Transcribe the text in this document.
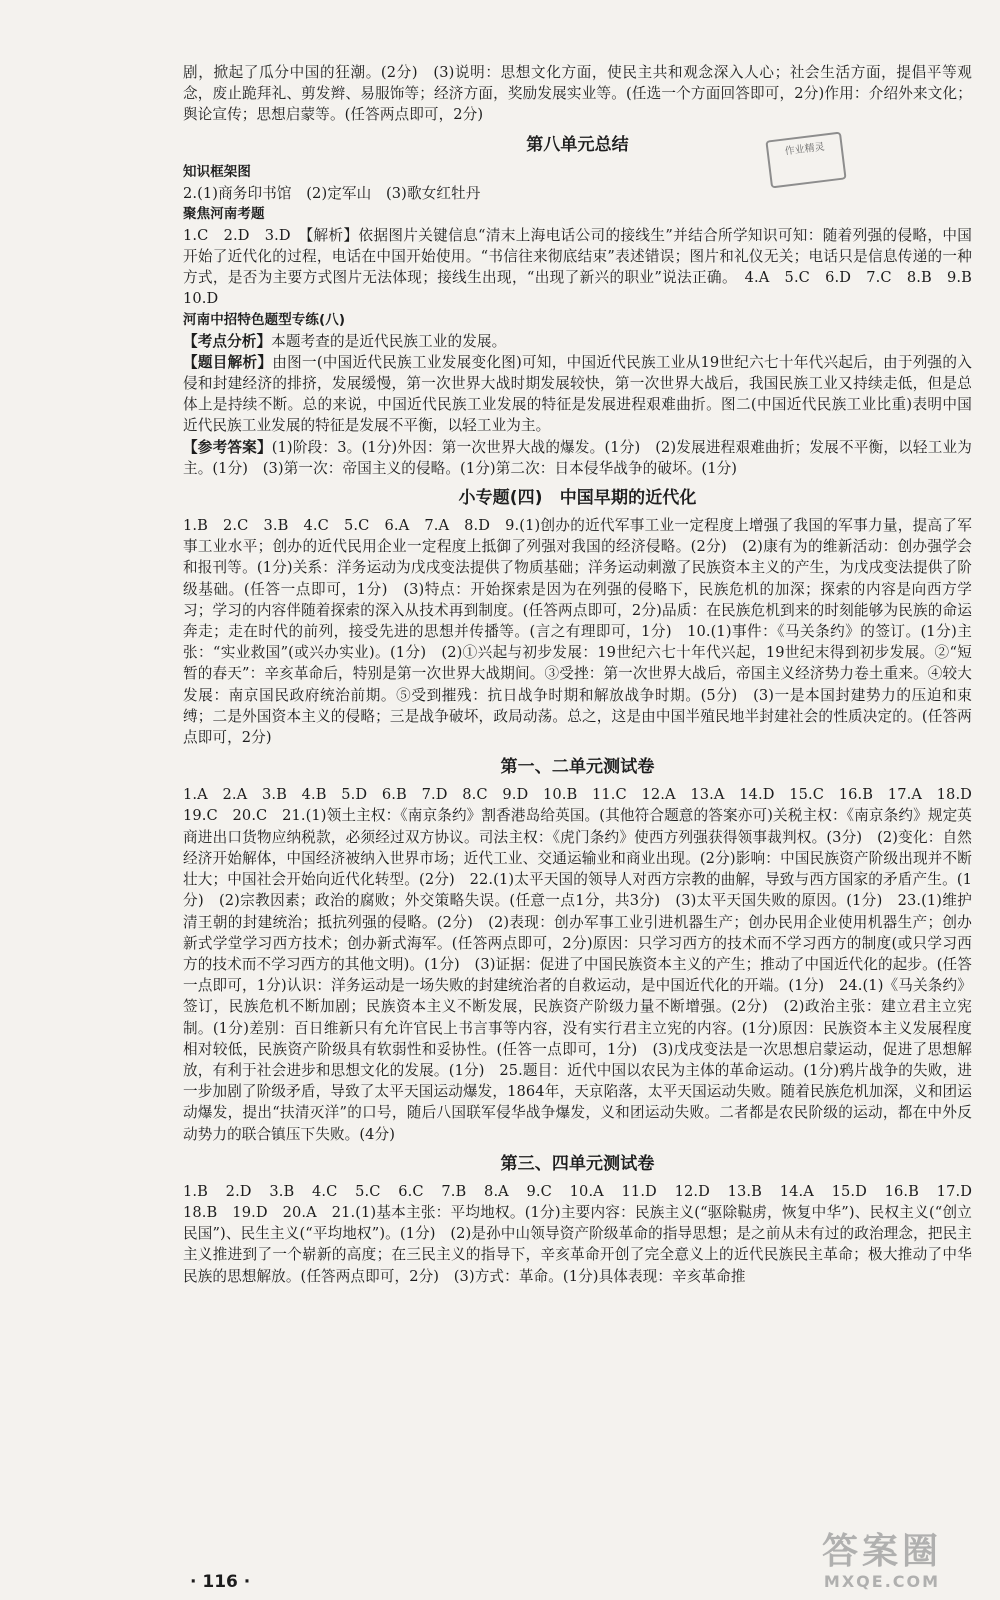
剧，掀起了瓜分中国的狂潮。(2分)　(3)说明：思想文化方面，使民主共和观念深入人心；社会生活方面，提倡平等观念，废止跪拜礼、剪发辫、易服饰等；经济方面，奖励发展实业等。(任选一个方面回答即可，2分)作用：介绍外来文化；舆论宣传；思想启蒙等。(任答两点即可，2分)

第八单元总结
知识框架图

2.(1)商务印书馆　(2)定军山　(3)歌女红牡丹

聚焦河南考题

1.C　2.D　3.D　【解析】依据图片关键信息“清末上海电话公司的接线生”并结合所学知识可知：随着列强的侵略，中国开始了近代化的过程，电话在中国开始使用。“书信往来彻底结束”表述错误；图片和礼仪无关；电话只是信息传递的一种方式，是否为主要方式图片无法体现；接线生出现，“出现了新兴的职业”说法正确。　4.A　5.C　6.D　7.C　8.B　9.B　10.D

河南中招特色题型专练(八)

【考点分析】本题考查的是近代民族工业的发展。

【题目解析】由图一(中国近代民族工业发展变化图)可知，中国近代民族工业从19世纪六七十年代兴起后，由于列强的入侵和封建经济的排挤，发展缓慢，第一次世界大战时期发展较快，第一次世界大战后，我国民族工业又持续走低，但是总体上是持续不断。总的来说，中国近代民族工业发展的特征是发展进程艰难曲折。图二(中国近代民族工业比重)表明中国近代民族工业发展的特征是发展不平衡，以轻工业为主。

【参考答案】(1)阶段：3。(1分)外因：第一次世界大战的爆发。(1分)　(2)发展进程艰难曲折；发展不平衡，以轻工业为主。(1分)　(3)第一次：帝国主义的侵略。(1分)第二次：日本侵华战争的破坏。(1分)

小专题(四)　中国早期的近代化

1.B　2.C　3.B　4.C　5.C　6.A　7.A　8.D　9.(1)创办的近代军事工业一定程度上增强了我国的军事力量，提高了军事工业水平；创办的近代民用企业一定程度上抵御了列强对我国的经济侵略。(2分)　(2)康有为的维新活动：创办强学会和报刊等。(1分)关系：洋务运动为戊戌变法提供了物质基础；洋务运动刺激了民族资本主义的产生，为戊戌变法提供了阶级基础。(任答一点即可，1分)　(3)特点：开始探索是因为在列强的侵略下，民族危机的加深；探索的内容是向西方学习；学习的内容伴随着探索的深入从技术再到制度。(任答两点即可，2分)品质：在民族危机到来的时刻能够为民族的命运奔走；走在时代的前列，接受先进的思想并传播等。(言之有理即可，1分)　10.(1)事件：《马关条约》的签订。(1分)主张：“实业救国”(或兴办实业)。(1分)　(2)①兴起与初步发展：19世纪六七十年代兴起，19世纪末得到初步发展。②“短暂的春天”：辛亥革命后，特别是第一次世界大战期间。③受挫：第一次世界大战后，帝国主义经济势力卷土重来。④较大发展：南京国民政府统治前期。⑤受到摧残：抗日战争时期和解放战争时期。(5分)　(3)一是本国封建势力的压迫和束缚；二是外国资本主义的侵略；三是战争破坏，政局动荡。总之，这是由中国半殖民地半封建社会的性质决定的。(任答两点即可，2分)

第一、二单元测试卷

1.A　2.A　3.B　4.B　5.D　6.B　7.D　8.C　9.D　10.B　11.C　12.A　13.A　14.D　15.C　16.B　17.A　18.D　19.C　20.C　21.(1)领土主权：《南京条约》割香港岛给英国。(其他符合题意的答案亦可)关税主权：《南京条约》规定英商进出口货物应纳税款，必须经过双方协议。司法主权：《虎门条约》使西方列强获得领事裁判权。(3分)　(2)变化：自然经济开始解体，中国经济被纳入世界市场；近代工业、交通运输业和商业出现。(2分)影响：中国民族资产阶级出现并不断壮大；中国社会开始向近代化转型。(2分)　22.(1)太平天国的领导人对西方宗教的曲解，导致与西方国家的矛盾产生。(1分)　(2)宗教因素；政治的腐败；外交策略失误。(任意一点1分，共3分)　(3)太平天国失败的原因。(1分)　23.(1)维护清王朝的封建统治；抵抗列强的侵略。(2分)　(2)表现：创办军事工业引进机器生产；创办民用企业使用机器生产；创办新式学堂学习西方技术；创办新式海军。(任答两点即可，2分)原因：只学习西方的技术而不学习西方的制度(或只学习西方的技术而不学习西方的其他文明)。(1分)　(3)证据：促进了中国民族资本主义的产生；推动了中国近代化的起步。(任答一点即可，1分)认识：洋务运动是一场失败的封建统治者的自救运动，是中国近代化的开端。(1分)　24.(1)《马关条约》签订，民族危机不断加剧；民族资本主义不断发展，民族资产阶级力量不断增强。(2分)　(2)政治主张：建立君主立宪制。(1分)差别：百日维新只有允许官民上书言事等内容，没有实行君主立宪的内容。(1分)原因：民族资本主义发展程度相对较低，民族资产阶级具有软弱性和妥协性。(任答一点即可，1分)　(3)戊戌变法是一次思想启蒙运动，促进了思想解放，有利于社会进步和思想文化的发展。(1分)　25.题目：近代中国以农民为主体的革命运动。(1分)鸦片战争的失败，进一步加剧了阶级矛盾，导致了太平天国运动爆发，1864年，天京陷落，太平天国运动失败。随着民族危机加深，义和团运动爆发，提出“扶清灭洋”的口号，随后八国联军侵华战争爆发，义和团运动失败。二者都是农民阶级的运动，都在中外反动势力的联合镇压下失败。(4分)

第三、四单元测试卷

1.B　2.D　3.B　4.C　5.C　6.C　7.B　8.A　9.C　10.A　11.D　12.D　13.B　14.A　15.D　16.B　17.D　18.B　19.D　20.A　21.(1)基本主张：平均地权。(1分)主要内容：民族主义(“驱除鞑虏，恢复中华”)、民权主义(“创立民国”)、民生主义(“平均地权”)。(1分)　(2)是孙中山领导资产阶级革命的指导思想；是之前从未有过的政治理念，把民主主义推进到了一个崭新的高度；在三民主义的指导下，辛亥革命开创了完全意义上的近代民族民主革命；极大推动了中华民族的思想解放。(任答两点即可，2分)　(3)方式：革命。(1分)具体表现：辛亥革命推

作业精灵
· 116 ·
答案圈
MXQE.COM
